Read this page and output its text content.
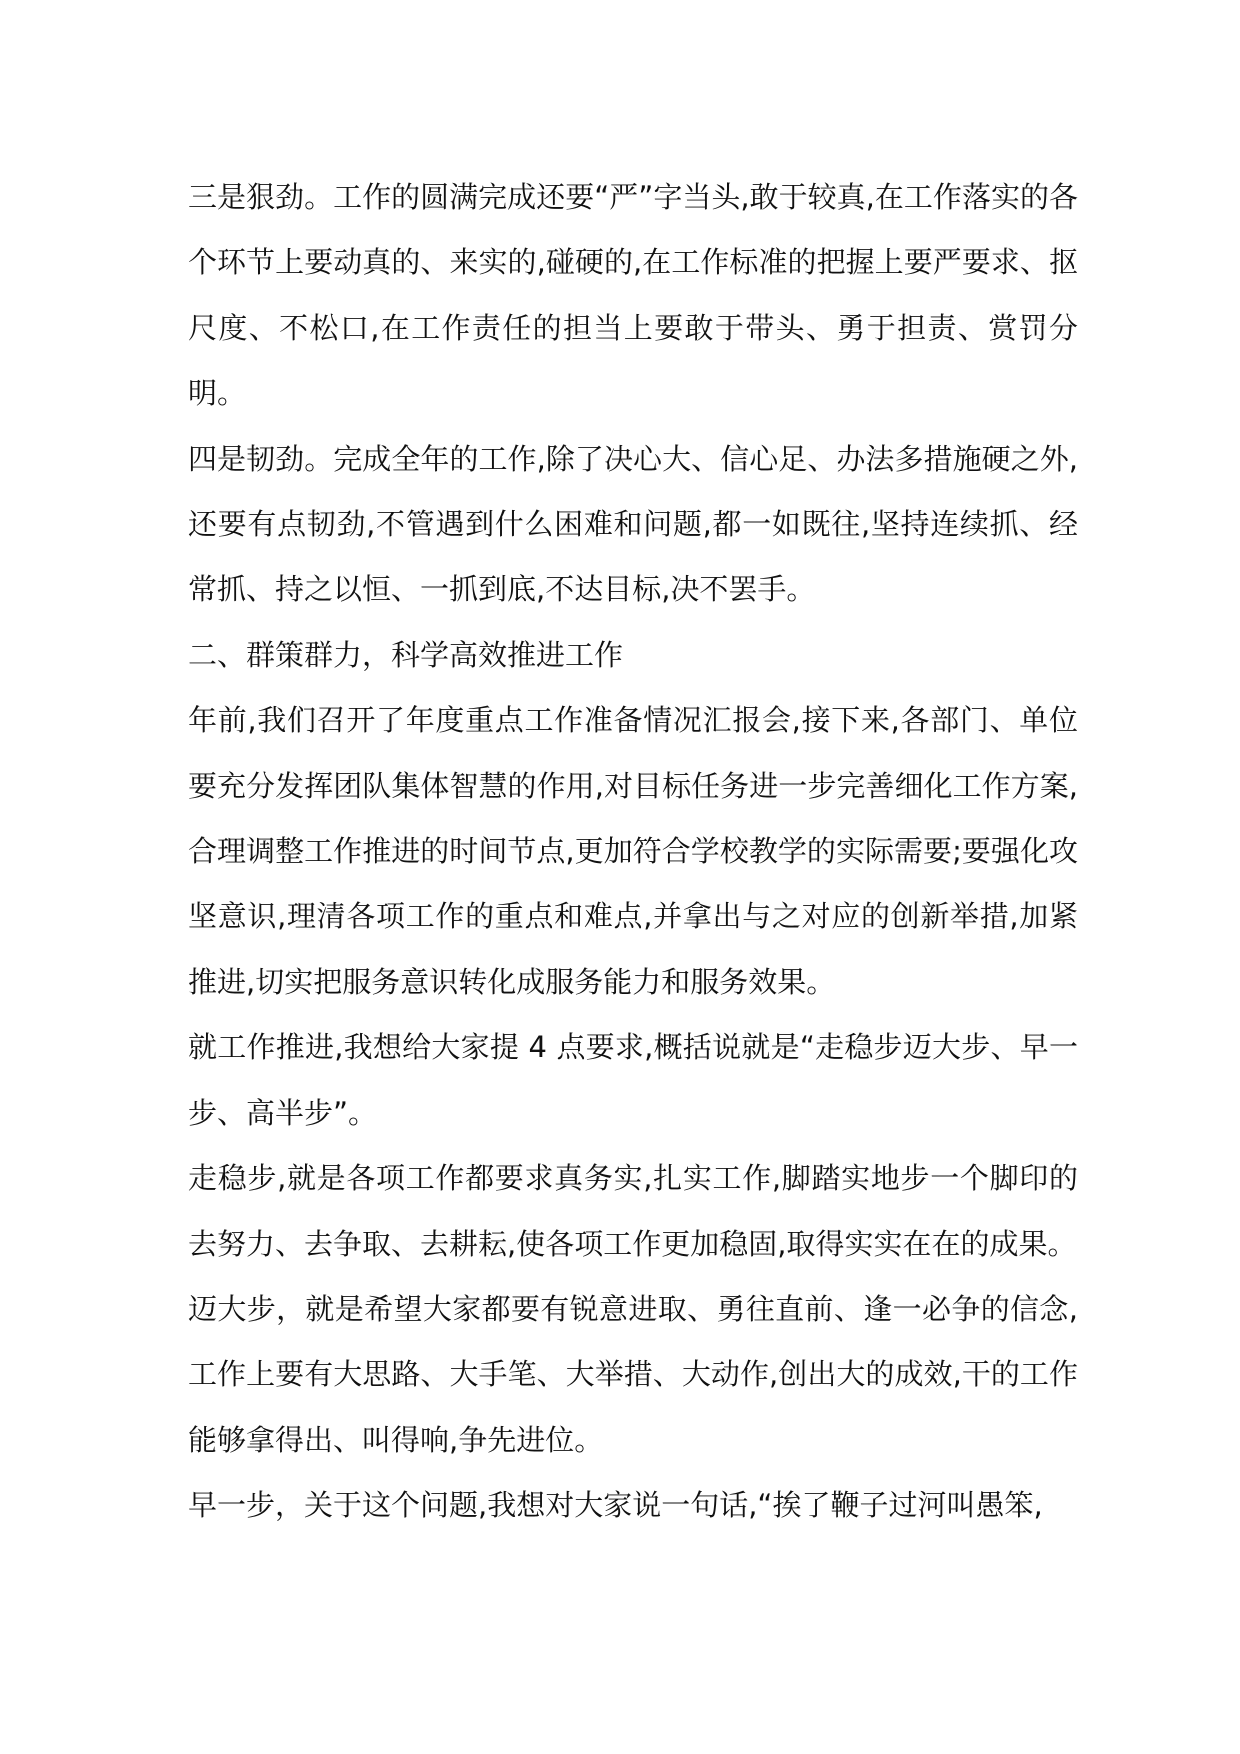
三是狠劲。工作的圆满完成还要“严”字当头,敢于较真,在工作落实的各个环节上要动真的、来实的,碰硬的,在工作标准的把握上要严要求、抠尺度、不松口,在工作责任的担当上要敢于带头、勇于担责、赏罚分明。

四是韧劲。完成全年的工作,除了决心大、信心足、办法多措施硬之外,还要有点韧劲,不管遇到什么困难和问题,都一如既往,坚持连续抓、经常抓、持之以恒、一抓到底,不达目标,决不罢手。

二、群策群力，科学高效推进工作

年前,我们召开了年度重点工作准备情况汇报会,接下来,各部门、单位要充分发挥团队集体智慧的作用,对目标任务进一步完善细化工作方案,合理调整工作推进的时间节点,更加符合学校教学的实际需要;要强化攻坚意识,理清各项工作的重点和难点,并拿出与之对应的创新举措,加紧推进,切实把服务意识转化成服务能力和服务效果。

就工作推进,我想给大家提 4 点要求,概括说就是“走稳步迈大步、早一步、高半步”。

走稳步,就是各项工作都要求真务实,扎实工作,脚踏实地步一个脚印的去努力、去争取、去耕耘,使各项工作更加稳固,取得实实在在的成果。

迈大步，就是希望大家都要有锐意进取、勇往直前、逢一必争的信念,工作上要有大思路、大手笔、大举措、大动作,创出大的成效,干的工作能够拿得出、叫得响,争先进位。

早一步，关于这个问题,我想对大家说一句话,“挨了鞭子过河叫愚笨,
